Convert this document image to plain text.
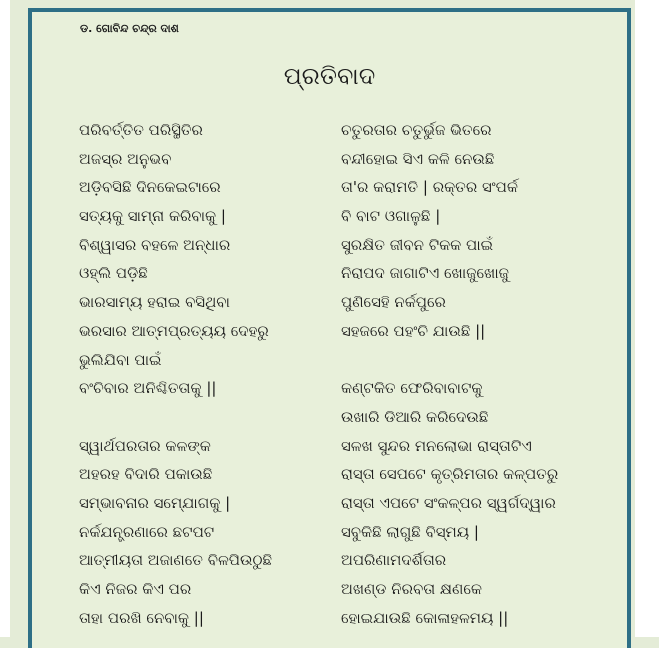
ଡ. ଗୋବିନ୍ଦ ଚନ୍ଦ୍ର ଦାଶ
ପ୍ରତିବାଦ
ପରିବର୍ତ୍ତିତ ପରିସ୍ଥିତିର
ଅଜସ୍ର ଅନୁଭବ
ଅଡ଼ିବସିଛି ଦିନକେଇଟାରେ
ସତ୍ୟକୁ ସାମ୍ନା କରିବାକୁ |
ବିଶ୍ୱାସର ବହଳେ ଅନ୍ଧାର
ଓହ୍ଲି ପଡ଼ିଛି
ଭାରସାମ୍ୟ ହରାଇ ବସିଥିବା
ଭରସାର ଆତ୍ମପ୍ରତ୍ୟୟ ଦେହରୁ
ଭୁଲିଯିବା ପାଇଁ
ବଂଚିବାର ଅନିଶ୍ଚିତତାକୁ ||
ସ୍ୱାର୍ଥପରତାର କଳଙ୍କ
ଅହରହ ବିଦାରି ପକାଉଛି
ସମ୍ଭାବନାର ସମ୍ଯୋଗକୁ |
ନର୍କଯନ୍ତ୍ରଣାରେ ଛଟପଟ
ଆତ୍ମୀୟତା ଅଜାଣତେ ବିଳପିଉଠୁଛି
କିଏ ନିଜର କିଏ ପର
ତାହା ପରଖି ନେବାକୁ ||
ଚତୁରତାର ଚତୁର୍ଭୁଜ ଭିତରେ
ବନ୍ଦୀହୋଇ ସିଏ କଳି ନେଉଛି
ତା'ର କରାମତି | ରକ୍ତର ସଂପର୍କ
ବି ବାଟ ଓଗାଳୁଛି |
ସୁରକ୍ଷିତ ଜୀବନ ଟିକକ ପାଇଁ
ନିରାପଦ ଜାଗାଟିଏ ଖୋଜୁଖୋଜୁ
ପୁଣିସେହି ନର୍କପୁରେ
ସହଜରେ ପହଂଚି ଯାଉଛି ||
କଣ୍ଟକିତ ଫେରିବାବାଟକୁ
ଉଖାରି ଡିଆରି କରିଦେଉଛି
ସଳଖ ସୁନ୍ଦର ମନଲୋଭା ରାସ୍ତାଟିଏ
ରାସ୍ତା ସେପଟେ କୃତ୍ରିମତାର କଳ୍ପତରୁ
ରାସ୍ତା ଏପଟେ ସଂକଳ୍ପର ସ୍ୱର୍ଗଦ୍ୱାର
ସବୁକିଛି ଲାଗୁଛି ବିସ୍ମୟ |
ଅପରିଣାମଦର୍ଶିତାର
ଅଖଣ୍ଡ ନିରବତା କ୍ଷଣକେ
ହୋଇଯାଉଛି କୋଳାହଳମୟ ||
